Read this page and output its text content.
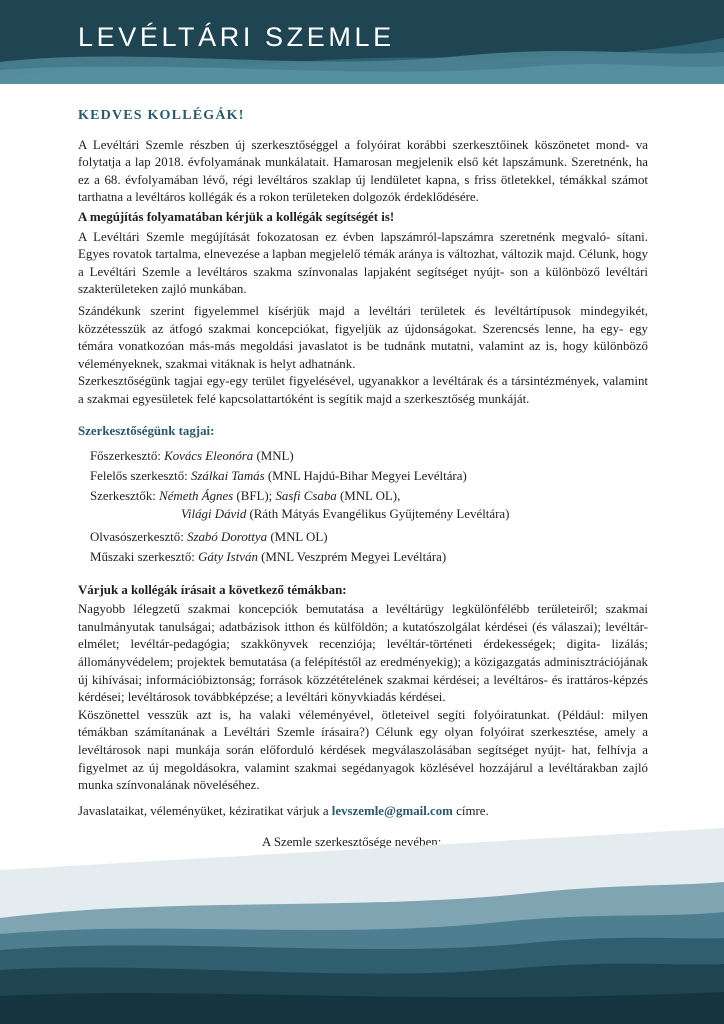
LEVÉLTÁRI SZEMLE

KEDVES KOLLÉGÁK!

A Levéltári Szemle részben új szerkesztőséggel a folyóirat korábbi szerkesztőinek köszönetet mond- va folytatja a lap 2018. évfolyamának munkálatait. Hamarosan megjelenik első két lapszámunk. Szeretnénk, ha ez a 68. évfolyamában lévő, régi levéltáros szaklap új lendületet kapna, s friss ötletekkel, témákkal számot tarthatna a levéltáros kollégák és a rokon területeken dolgozók érdeklődésére.

A megújítás folyamatában kérjük a kollégák segítségét is!

A Levéltári Szemle megújítását fokozatosan ez évben lapszámról-lapszámra szeretnénk megvaló- sítani. Egyes rovatok tartalma, elnevezése a lapban megjelelő témák aránya is változhat, változik majd. Célunk, hogy a Levéltári Szemle a levéltáros szakma színvonalas lapjaként segítséget nyújt- son a különböző levéltári szakterületeken zajló munkában.

Szándékunk szerint figyelemmel kísérjük majd a levéltári területek és levéltártípusok mindegyikét, közzétesszük az átfogó szakmai koncepciókat, figyeljük az újdonságokat. Szerencsés lenne, ha egy- egy témára vonatkozóan más-más megoldási javaslatot is be tudnánk mutatni, valamint az is, hogy különböző véleményeknek, szakmai vitáknak is helyt adhatnánk.

Szerkesztőségünk tagjai egy-egy terület figyelésével, ugyanakkor a levéltárak és a társintézmények, valamint a szakmai egyesületek felé kapcsolattartóként is segítik majd a szerkesztőség munkáját.

Szerkesztőségünk tagjai:

Főszerkesztő: Kovács Eleonóra (MNL)
Felelős szerkesztő: Szálkai Tamás (MNL Hajdú-Bihar Megyei Levéltára)
Szerkesztők: Németh Ágnes (BFL); Sasfi Csaba (MNL OL),
Világi Dávid (Ráth Mátyás Evangélikus Gyűjtemény Levéltára)
Olvasószerkesztő: Szabó Dorottya (MNL OL)
Műszaki szerkesztő: Gáty István (MNL Veszprém Megyei Levéltára)

Várjuk a kollégák írásait a következő témákban:

Nagyobb lélegzetű szakmai koncepciók bemutatása a levéltárügy legkülönfélébb területeiről; szakmai tanulmányutak tanulságai; adatbázisok itthon és külföldön; a kutatószolgálat kérdései (és válaszai); levéltár-elmélet; levéltár-pedagógia; szakkönyvek recenziója; levéltár-történeti érdekességek; digita- lizálás; állományvédelem; projektek bemutatása (a felépítéstől az eredményekig); a közigazgatás adminisztrációjának új kihívásai; információbiztonság; források közzétételének szakmai kérdései; a levéltáros- és irattáros-képzés kérdései; levéltárosok továbbképzése; a levéltári könyvkiadás kérdései.

Köszönettel vesszük azt is, ha valaki véleményével, ötleteivel segíti folyóiratunkat. (Például: milyen témákban számítanának a Levéltári Szemle írásaira?) Célunk egy olyan folyóirat szerkesztése, amely a levéltárosok napi munkája során előforduló kérdések megválaszolásában segítséget nyújt- hat, felhívja a figyelmet az új megoldásokra, valamint szakmai segédanyagok közlésével hozzájárul a levéltárakban zajló munka színvonalának növeléséhez.

Javaslataikat, véleményüket, kéziratikat várjuk a levszemle@gmail.com címre.

A Szemle szerkesztősége nevében:
